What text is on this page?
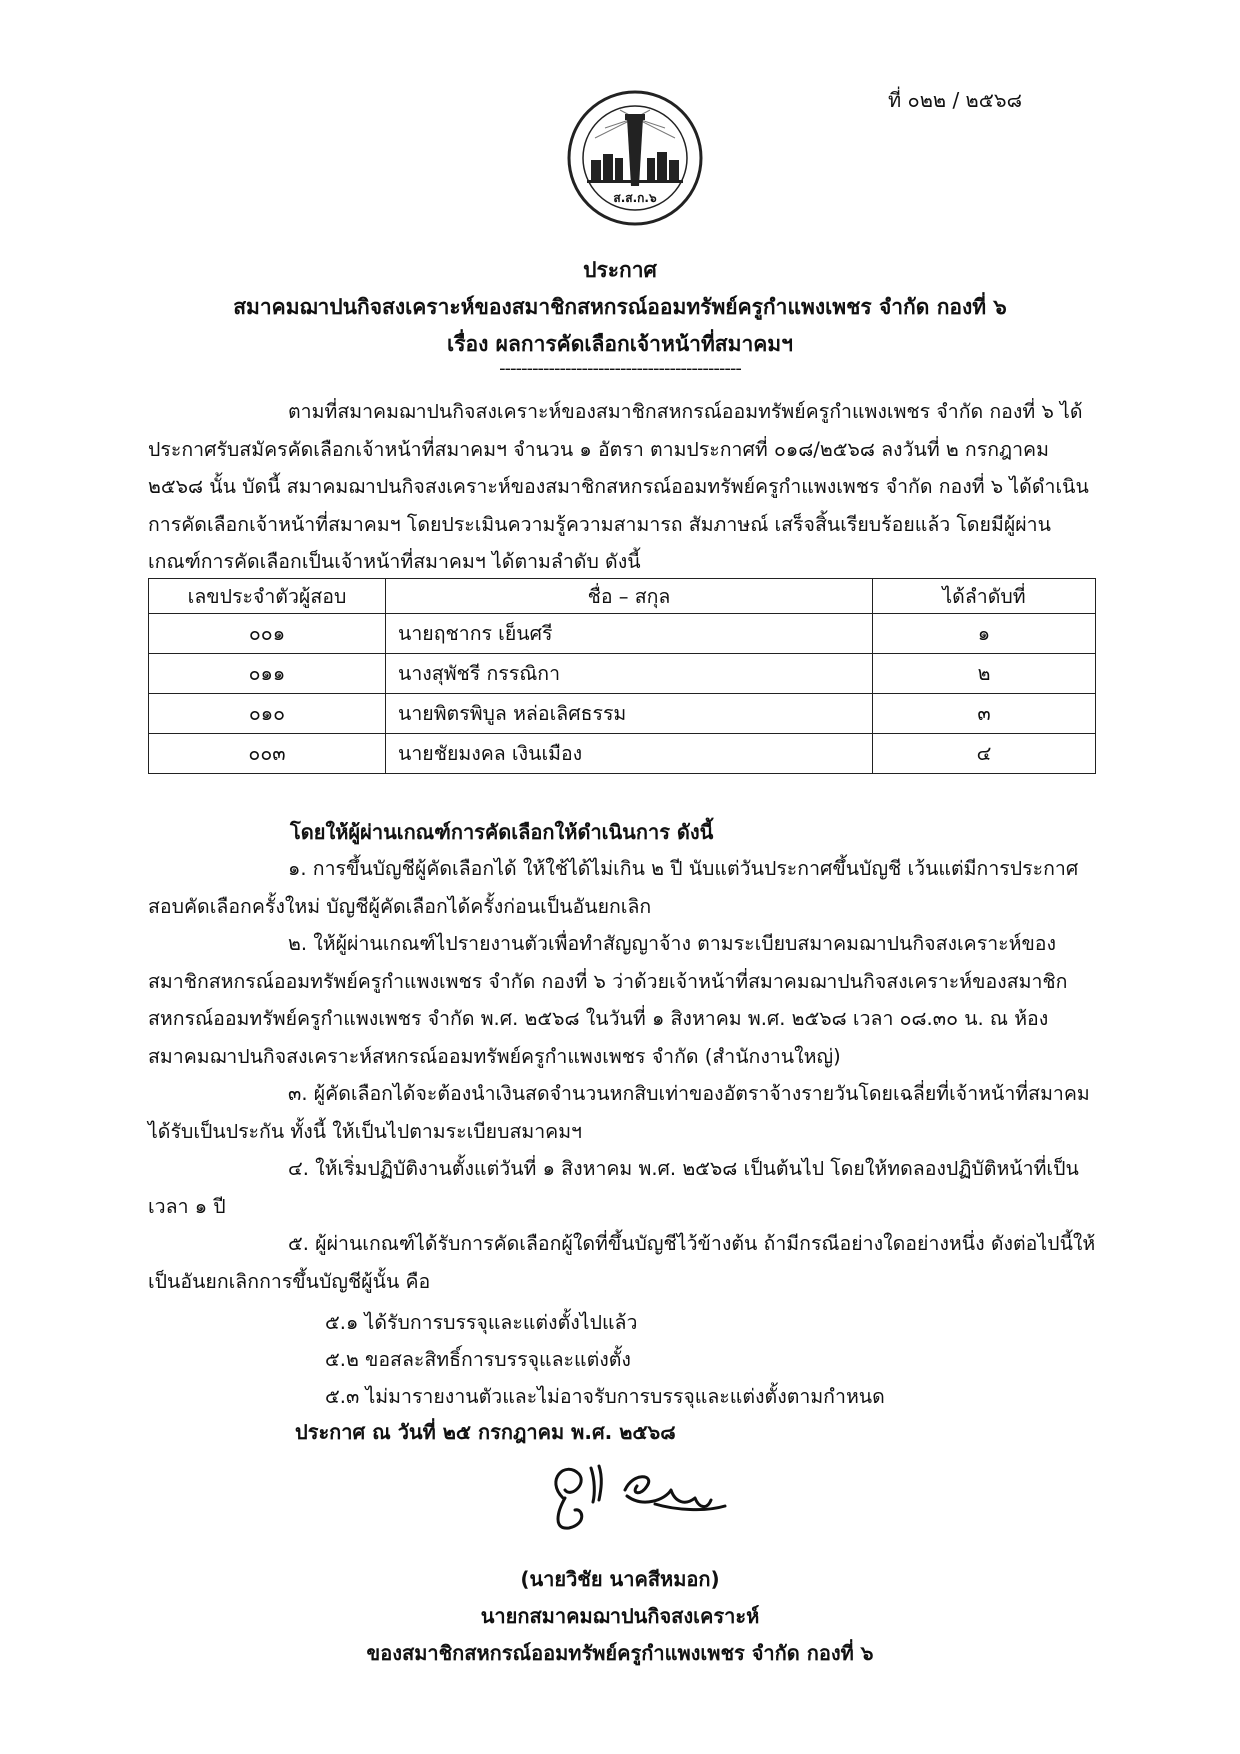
ที่ ๐๒๒ / ๒๕๖๘
ส.ส.ก.๖
ประกาศ
สมาคมฌาปนกิจสงเคราะห์ของสมาชิกสหกรณ์ออมทรัพย์ครูกำแพงเพชร จำกัด กองที่ ๖
เรื่อง ผลการคัดเลือกเจ้าหน้าที่สมาคมฯ
--------------------------------------------
ตามที่สมาคมฌาปนกิจสงเคราะห์ของสมาชิกสหกรณ์ออมทรัพย์ครูกำแพงเพชร จำกัด กองที่ ๖ ได้ประกาศรับสมัครคัดเลือกเจ้าหน้าที่สมาคมฯ จำนวน ๑ อัตรา ตามประกาศที่ ๐๑๘/๒๕๖๘ ลงวันที่ ๒ กรกฎาคม ๒๕๖๘ นั้น บัดนี้ สมาคมฌาปนกิจสงเคราะห์ของสมาชิกสหกรณ์ออมทรัพย์ครูกำแพงเพชร จำกัด กองที่ ๖ ได้ดำเนินการคัดเลือกเจ้าหน้าที่สมาคมฯ โดยประเมินความรู้ความสามารถ สัมภาษณ์ เสร็จสิ้นเรียบร้อยแล้ว โดยมีผู้ผ่านเกณฑ์การคัดเลือกเป็นเจ้าหน้าที่สมาคมฯ ได้ตามลำดับ ดังนี้
เลขประจำตัวผู้สอบ	ชื่อ – สกุล	ได้ลำดับที่
๐๐๑	นายฤชากร เย็นศรี	๑
๐๑๑	นางสุพัชรี กรรณิกา	๒
๐๑๐	นายพิตรพิบูล หล่อเลิศธรรม	๓
๐๐๓	นายชัยมงคล เงินเมือง	๔
โดยให้ผู้ผ่านเกณฑ์การคัดเลือกให้ดำเนินการ ดังนี้
๑. การขึ้นบัญชีผู้คัดเลือกได้ ให้ใช้ได้ไม่เกิน ๒ ปี นับแต่วันประกาศขึ้นบัญชี เว้นแต่มีการประกาศสอบคัดเลือกครั้งใหม่ บัญชีผู้คัดเลือกได้ครั้งก่อนเป็นอันยกเลิก
๒. ให้ผู้ผ่านเกณฑ์ไปรายงานตัวเพื่อทำสัญญาจ้าง ตามระเบียบสมาคมฌาปนกิจสงเคราะห์ของสมาชิกสหกรณ์ออมทรัพย์ครูกำแพงเพชร จำกัด กองที่ ๖ ว่าด้วยเจ้าหน้าที่สมาคมฌาปนกิจสงเคราะห์ของสมาชิกสหกรณ์ออมทรัพย์ครูกำแพงเพชร จำกัด พ.ศ. ๒๕๖๘ ในวันที่ ๑ สิงหาคม พ.ศ. ๒๕๖๘ เวลา ๐๘.๓๐ น. ณ ห้องสมาคมฌาปนกิจสงเคราะห์สหกรณ์ออมทรัพย์ครูกำแพงเพชร จำกัด (สำนักงานใหญ่)
๓. ผู้คัดเลือกได้จะต้องนำเงินสดจำนวนหกสิบเท่าของอัตราจ้างรายวันโดยเฉลี่ยที่เจ้าหน้าที่สมาคมได้รับเป็นประกัน ทั้งนี้ ให้เป็นไปตามระเบียบสมาคมฯ
๔. ให้เริ่มปฏิบัติงานตั้งแต่วันที่ ๑ สิงหาคม พ.ศ. ๒๕๖๘ เป็นต้นไป โดยให้ทดลองปฏิบัติหน้าที่เป็นเวลา ๑ ปี
๕. ผู้ผ่านเกณฑ์ได้รับการคัดเลือกผู้ใดที่ขึ้นบัญชีไว้ข้างต้น ถ้ามีกรณีอย่างใดอย่างหนึ่ง ดังต่อไปนี้ให้เป็นอันยกเลิกการขึ้นบัญชีผู้นั้น คือ
๕.๑ ได้รับการบรรจุและแต่งตั้งไปแล้ว
๕.๒ ขอสละสิทธิ์การบรรจุและแต่งตั้ง
๕.๓ ไม่มารายงานตัวและไม่อาจรับการบรรจุและแต่งตั้งตามกำหนด
ประกาศ ณ วันที่ ๒๕ กรกฎาคม พ.ศ. ๒๕๖๘
(นายวิชัย นาคสีหมอก)
นายกสมาคมฌาปนกิจสงเคราะห์
ของสมาชิกสหกรณ์ออมทรัพย์ครูกำแพงเพชร จำกัด กองที่ ๖
